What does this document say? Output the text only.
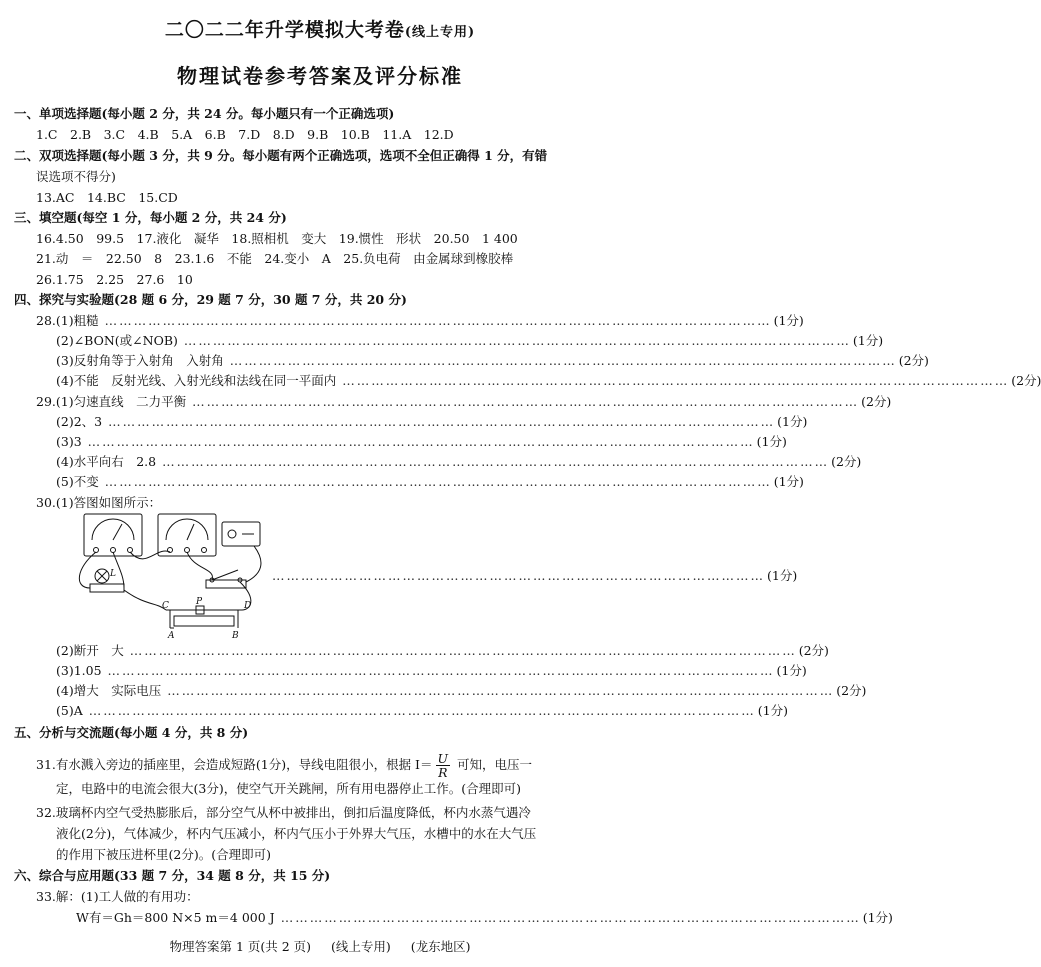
二〇二二年升学模拟大考卷(线上专用)
物理试卷参考答案及评分标准
一、单项选择题(每小题 2 分，共 24 分。每小题只有一个正确选项)
1.C　2.B　3.C　4.B　5.A　6.B　7.D　8.D　9.B　10.B　11.A　12.D
二、双项选择题(每小题 3 分，共 9 分。每小题有两个正确选项，选项不全但正确得 1 分，有错
误选项不得分)
13.AC　14.BC　15.CD
三、填空题(每空 1 分，每小题 2 分，共 24 分)
16.4.50　99.5　17.液化　凝华　18.照相机　变大　19.惯性　形状　20.50　1 400
21.动　＝　22.50　8　23.1.6　不能　24.变小　A　25.负电荷　由金属球到橡胶棒
26.1.75　2.25　27.6　10
四、探究与实验题(28 题 6 分，29 题 7 分，30 题 7 分，共 20 分)
28.(1)粗糙 ………………………………………………………………………………………………………………………… (1分)
(2)∠BON(或∠NOB) ………………………………………………………………………………………………………………………… (1分)
(3)反射角等于入射角　入射角 ………………………………………………………………………………………………………………………… (2分)
(4)不能　反射光线、入射光线和法线在同一平面内 ………………………………………………………………………………………………………………………… (2分)
29.(1)匀速直线　二力平衡 ………………………………………………………………………………………………………………………… (2分)
(2)2、3 ………………………………………………………………………………………………………………………… (1分)
(3)3 ………………………………………………………………………………………………………………………… (1分)
(4)水平向右　2.8 ………………………………………………………………………………………………………………………… (2分)
(5)不变 ………………………………………………………………………………………………………………………… (1分)
30.(1)答图如图所示：
L
C	P	D
A	B
………………………………………………………………………………………… (1分)
(2)断开　大 ………………………………………………………………………………………………………………………… (2分)
(3)1.05 ………………………………………………………………………………………………………………………… (1分)
(4)增大　实际电压 ………………………………………………………………………………………………………………………… (2分)
(5)A ………………………………………………………………………………………………………………………… (1分)
五、分析与交流题(每小题 4 分，共 8 分)
31.有水溅入旁边的插座里，会造成短路(1分)，导线电阻很小，根据 $I= \frac{U}{R}$ 可知，电压一
定，电路中的电流会很大(3分)，使空气开关跳闸，所有用电器停止工作。(合理即可)
32.玻璃杯内空气受热膨胀后，部分空气从杯中被排出，倒扣后温度降低，杯内水蒸气遇冷
液化(2分)，气体减少，杯内气压减小，杯内气压小于外界大气压，水槽中的水在大气压
的作用下被压进杯里(2分)。(合理即可)
六、综合与应用题(33 题 7 分，34 题 8 分，共 15 分)
33.解：(1)工人做的有用功：
W有＝Gh＝800 N×5 m＝4 000 J ………………………………………………………………………………………………………… (1分)
物理答案第 1 页(共 2 页) (线上专用) (龙东地区)
